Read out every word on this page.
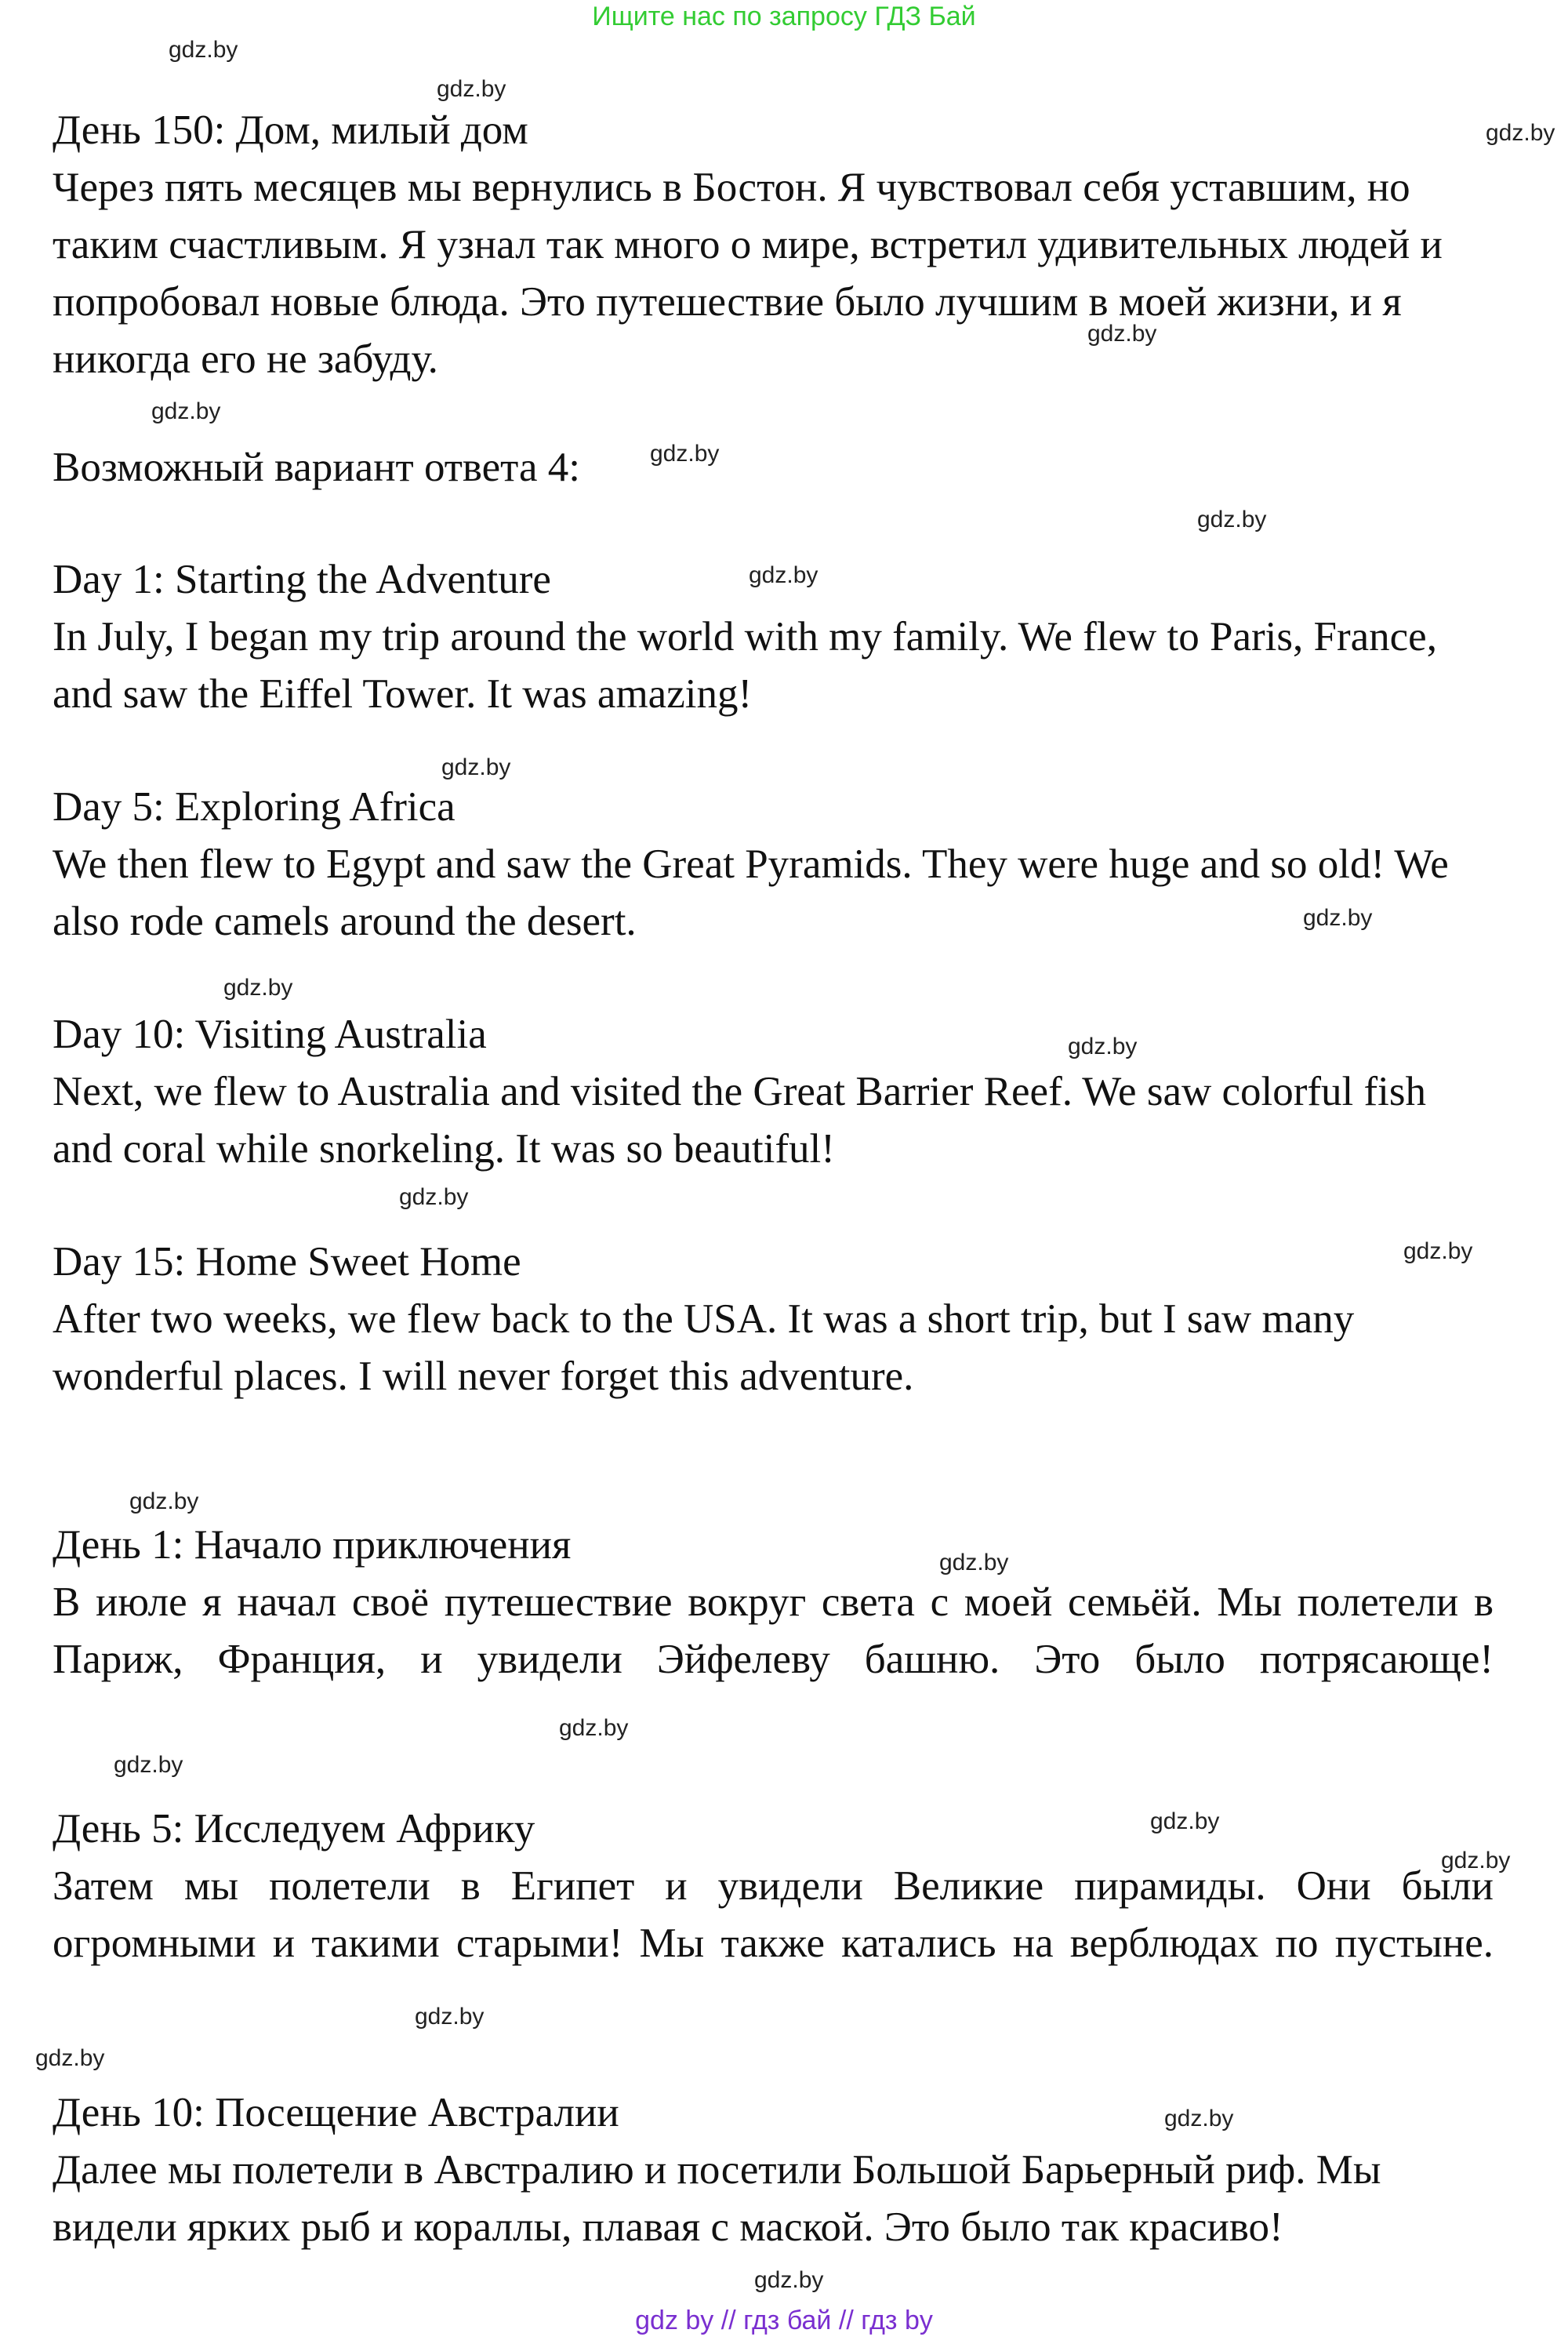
Ищите нас по запросу ГДЗ Бай
День 150: Дом, милый дом
Через пять месяцев мы вернулись в Бостон. Я чувствовал себя уставшим, но таким счастливым. Я узнал так много о мире, встретил удивительных людей и попробовал новые блюда. Это путешествие было лучшим в моей жизни, и я никогда его не забуду.
Возможный вариант ответа 4:
Day 1: Starting the Adventure
In July, I began my trip around the world with my family. We flew to Paris, France, and saw the Eiffel Tower. It was amazing!
Day 5: Exploring Africa
We then flew to Egypt and saw the Great Pyramids. They were huge and so old! We also rode camels around the desert.
Day 10: Visiting Australia
Next, we flew to Australia and visited the Great Barrier Reef. We saw colorful fish and coral while snorkeling. It was so beautiful!
Day 15: Home Sweet Home
After two weeks, we flew back to the USA. It was a short trip, but I saw many wonderful places. I will never forget this adventure.
День 1: Начало приключения
В июле я начал своё путешествие вокруг света с моей семьёй. Мы полетели в Париж, Франция, и увидели Эйфелеву башню. Это было потрясающе!
День 5: Исследуем Африку
Затем мы полетели в Египет и увидели Великие пирамиды. Они были огромными и такими старыми! Мы также катались на верблюдах по пустыне.
День 10: Посещение Австралии
Далее мы полетели в Австралию и посетили Большой Барьерный риф. Мы видели ярких рыб и кораллы, плавая с маской. Это было так красиво!
gdz.by
gdz.by
gdz.by
gdz.by
gdz.by
gdz.by
gdz.by
gdz.by
gdz.by
gdz.by
gdz.by
gdz.by
gdz.by
gdz.by
gdz.by
gdz.by
gdz.by
gdz.by
gdz.by
gdz.by
gdz.by
gdz.by
gdz.by
gdz.by
gdz by // гдз бай // гдз by
